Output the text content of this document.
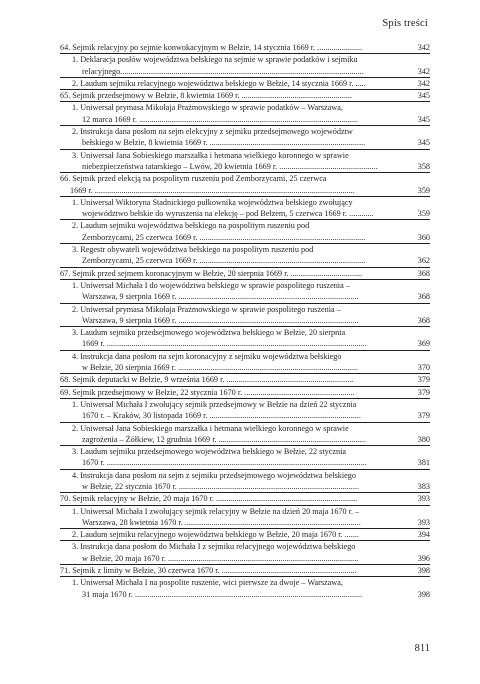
Spis treści
64. Sejmik relacyjny po sejmie konwokacyjnym w Bełzie, 14 stycznia 1669 r. ......................	342
1. Deklaracja posłów województwa bełskiego na sejmie w sprawie podatków i sejmiku
relacyjnego.......................................................................................................................	342
2. Laudum sejmiku relacyjnego województwa bełskiego w Bełzie, 14 stycznia 1669 r. .....	342
65. Sejmik przedsejmowy w Bełzie, 8 kwietnia 1669 r. ......................................................	345
1. Uniwersał prymasa Mikołaja Prażmowskiego w sprawie podatków – Warszawa,
12 marca 1669 r. ...........................................................................................................	345
2. Instrukcja dana posłom na sejm elekcyjny z sejmiku przedsejmowego województw
bełskiego w Bełzie, 8 kwietnia 1669 r. ............................................................................	345
3. Uniwersał Jana Sobieskiego marszałka i hetmana wielkiego koronnego w sprawie
niebezpieczeństwa tatarskiego – Lwów, 20 kwietnia 1669 r. ................................................	358
66. Sejmik przed elekcją na pospolitym ruszeniu pod Zemborzycami, 25 czerwca
1669 r. ...............................................................................................................................	359
1. Uniwersał Wiktoryna Stadnickiego pułkownika województwa bełskiego zwołujący
województwo bełskie do wyruszenia na elekcję – pod Bełzem, 5 czerwca 1669 r. ............	359
2. Laudum sejmiku województwa bełskiego na pospolitym ruszeniu pod
Zemborzycami, 25 czerwca 1669 r. .................................................................................	360
3. Regestr obywateli województwa bełskiego na pospolitym ruszeniu pod
Zemborzycami, 25 czerwca 1669 r. .................................................................................	362
67. Sejmik przed sejmem koronacyjnym w Bełzie, 20 sierpnia 1669 r. ...................................	368
1. Uniwersał Michała I do województwa bełskiego w sprawie pospolitego ruszenia –
Warszawa, 9 sierpnia 1669 r. ........................................................................................	368
2. Uniwersał prymasa Mikołaja Prażmowskiego w sprawie pospolitego ruszenia –
Warszawa, 9 sierpnia 1669 r. ........................................................................................	368
3. Laudum sejmiku przedsejmowego województwa bełskiego w Bełzie, 20 sierpnia
1669 r. ...............................................................................................................................	369
4. Instrukcja dana posłom na sejm koronacyjny z sejmiku województwa bełskiego
w Bełzie, 20 sierpnia 1669 r. ........................................................................................	370
68. Sejmik deputacki w Bełzie, 9 września 1669 r. ..............................................................	379
69. Sejmik przedsejmowy w Bełzie, 22 stycznia 1670 r. ......................................................	379
1. Uniwersał Michała I zwołujący sejmik przedsejmowy w Bełzie na dzień 22 stycznia
1670 r. – Kraków, 30 listopada 1669 r. ..........................................................................	379
2. Uniwersał Jana Sobieskiego marszałka i hetmana wielkiego koronnego w sprawie
zagrożenia – Żółkiew, 12 grudnia 1669 r. ........................................................................	380
3. Laudum sejmiku przedsejmowego województwa bełskiego w Bełzie, 22 stycznia
1670 r. ...............................................................................................................................	381
4. Instrukcja dana posłom na sejm z sejmiku przedsejmowego województwa bełskiego
w Bełzie, 22 stycznia 1670 r. ........................................................................................	383
70. Sejmik relacyjny w Bełzie, 20 maja 1670 r. .....................................................................	393
1. Uniwersał Michała I zwołujący sejmik relacyjny w Bełzie na dzień 20 maja 1670 r. –
Warszawa, 28 kwietnia 1670 r. ......................................................................................	393
2. Laudum sejmiku relacyjnego województwa bełskiego w Bełzie, 20 maja 1670 r. .......	394
3. Instrukcja dana posłom do Michała I z sejmiku relacyjnego województwa bełskiego
w Bełzie, 20 maja 1670 r. .............................................................................................	396
71. Sejmik z limity w Bełzie, 30 czerwca 1670 r. ..................................................................	398
1. Uniwersał Michała I na pospolite ruszenie, wici pierwsze za dwoje – Warszawa,
31 maja 1670 r. ...............................................................................................................	398
811
